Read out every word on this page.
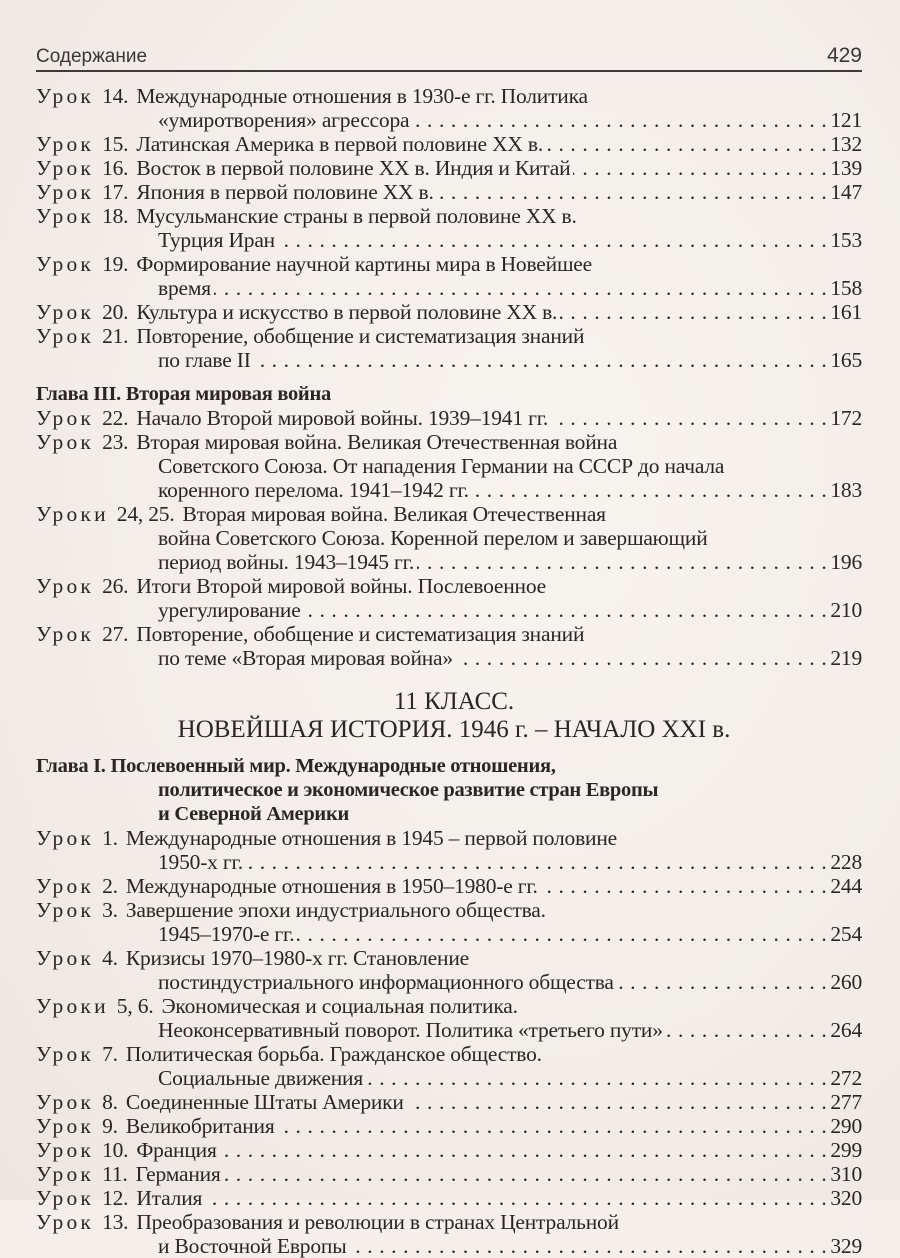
Содержание	429
Урок 14. Международные отношения в 1930-е гг. Политика
«умиротворения» агрессора . . .	121
Урок 15. Латинская Америка в первой половине XX в. . . .	132
Урок 16. Восток в первой половине XX в. Индия и Китай . . .	139
Урок 17. Япония в первой половине XX в. . . .	147
Урок 18. Мусульманские страны в первой половине XX в.
Турция Иран . . .	153
Урок 19. Формирование научной картины мира в Новейшее
время . . .	158
Урок 20. Культура и искусство в первой половине XX в. . . .	161
Урок 21. Повторение, обобщение и систематизация знаний
по главе II . . .	165
Глава III. Вторая мировая война
Урок 22. Начало Второй мировой войны. 1939–1941 гг. . . .	172
Урок 23. Вторая мировая война. Великая Отечественная война
Советского Союза. От нападения Германии на СССР до начала
коренного перелома. 1941–1942 гг. . . .	183
Уроки 24, 25. Вторая мировая война. Великая Отечественная
война Советского Союза. Коренной перелом и завершающий
период войны. 1943–1945 гг. . . .	196
Урок 26. Итоги Второй мировой войны. Послевоенное
урегулирование . . .	210
Урок 27. Повторение, обобщение и систематизация знаний
по теме «Вторая мировая война» . . .	219
11 КЛАСС.
НОВЕЙШАЯ ИСТОРИЯ. 1946 г. – НАЧАЛО XXI в.
Глава I. Послевоенный мир. Международные отношения,
политическое и экономическое развитие стран Европы
и Северной Америки
Урок 1. Международные отношения в 1945 – первой половине
1950-х гг. . . .	228
Урок 2. Международные отношения в 1950–1980-е гг. . . .	244
Урок 3. Завершение эпохи индустриального общества.
1945–1970-е гг. . . .	254
Урок 4. Кризисы 1970–1980-х гг. Становление
постиндустриального информационного общества . . .	260
Уроки 5, 6. Экономическая и социальная политика.
Неоконсервативный поворот. Политика «третьего пути» . . .	264
Урок 7. Политическая борьба. Гражданское общество.
Социальные движения . . .	272
Урок 8. Соединенные Штаты Америки . . .	277
Урок 9. Великобритания . . .	290
Урок 10. Франция . . .	299
Урок 11. Германия . . .	310
Урок 12. Италия . . .	320
Урок 13. Преобразования и революции в странах Центральной
и Восточной Европы . . .	329
